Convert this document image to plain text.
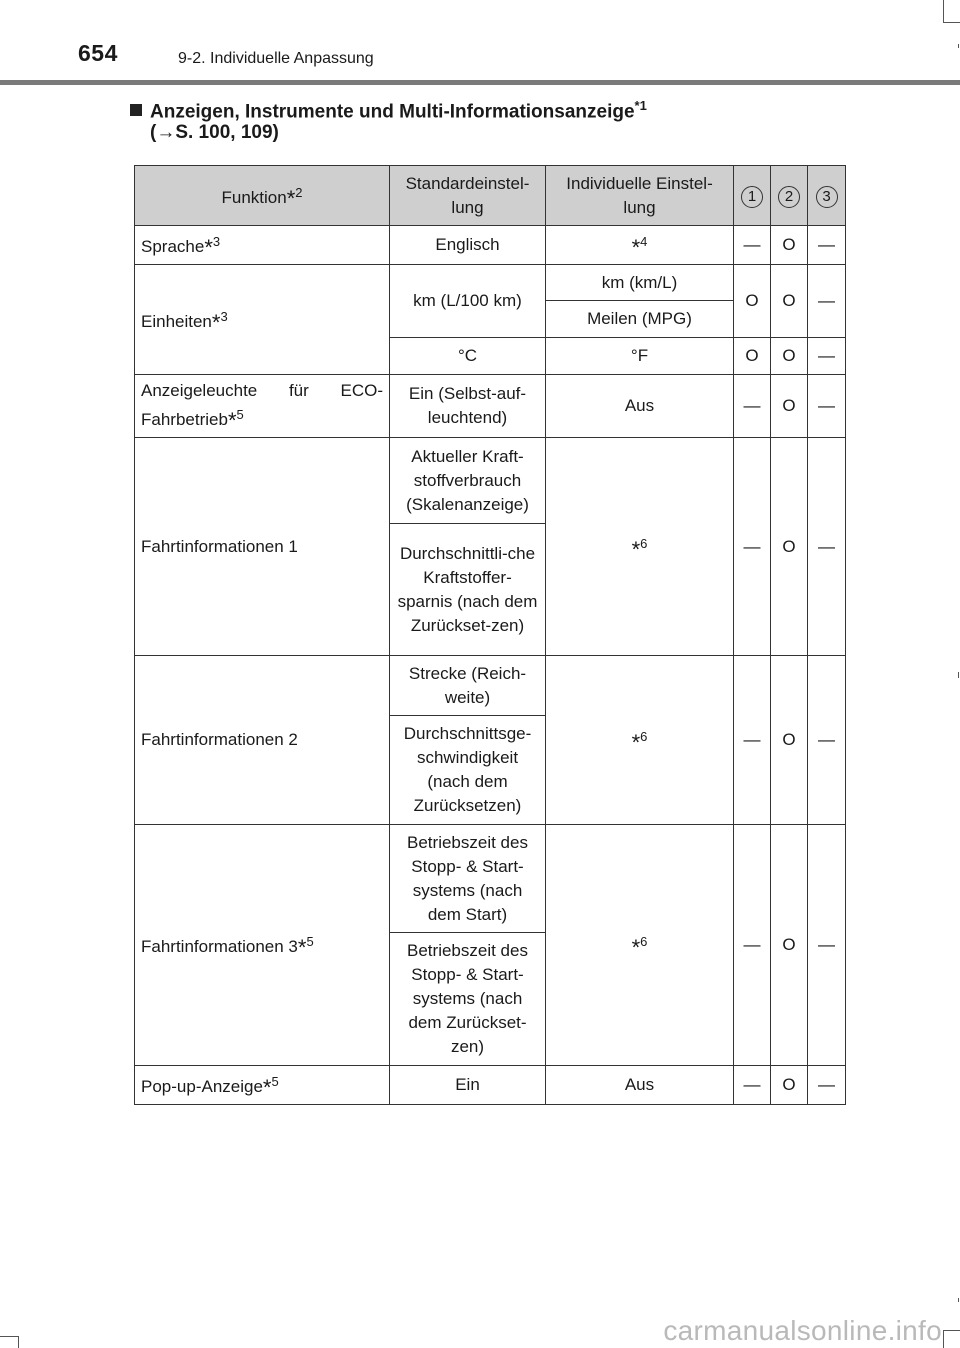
654	9-2. Individuelle Anpassung
Anzeigen, Instrumente und Multi-Informationsanzeige$^{*1}$
(→S. 100, 109)
Funktion*$^2$	Standardeinstel-lung	Individuelle Einstel-lung	1	2	3
Sprache*$^3$	Englisch	*$^4$	—	O	—
Einheiten*$^3$	km (L/100 km)	km (km/L)	O	O	—
		Meilen (MPG)			
	°C	°F	O	O	—
Anzeigeleuchte für ECO-Fahrbetrieb*$^5$	Ein (Selbst-auf-leuchtend)	Aus	—	O	—
Fahrtinformationen 1	Aktueller Kraft-stoffverbrauch (Skalenanzeige)	*$^6$	—	O	—
	Durchschnittli-che Kraftstoffer-sparnis (nach dem Zurückset-zen)				
Fahrtinformationen 2	Strecke (Reich-weite)	*$^6$	—	O	—
	Durchschnittsge-schwindigkeit (nach dem Zurücksetzen)				
Fahrtinformationen 3*$^5$	Betriebszeit des Stopp- & Start-systems (nach dem Start)	*$^6$	—	O	—
	Betriebszeit des Stopp- & Start-systems (nach dem Zurückset-zen)				
Pop-up-Anzeige*$^5$	Ein	Aus	—	O	—
carmanualsonline.info
